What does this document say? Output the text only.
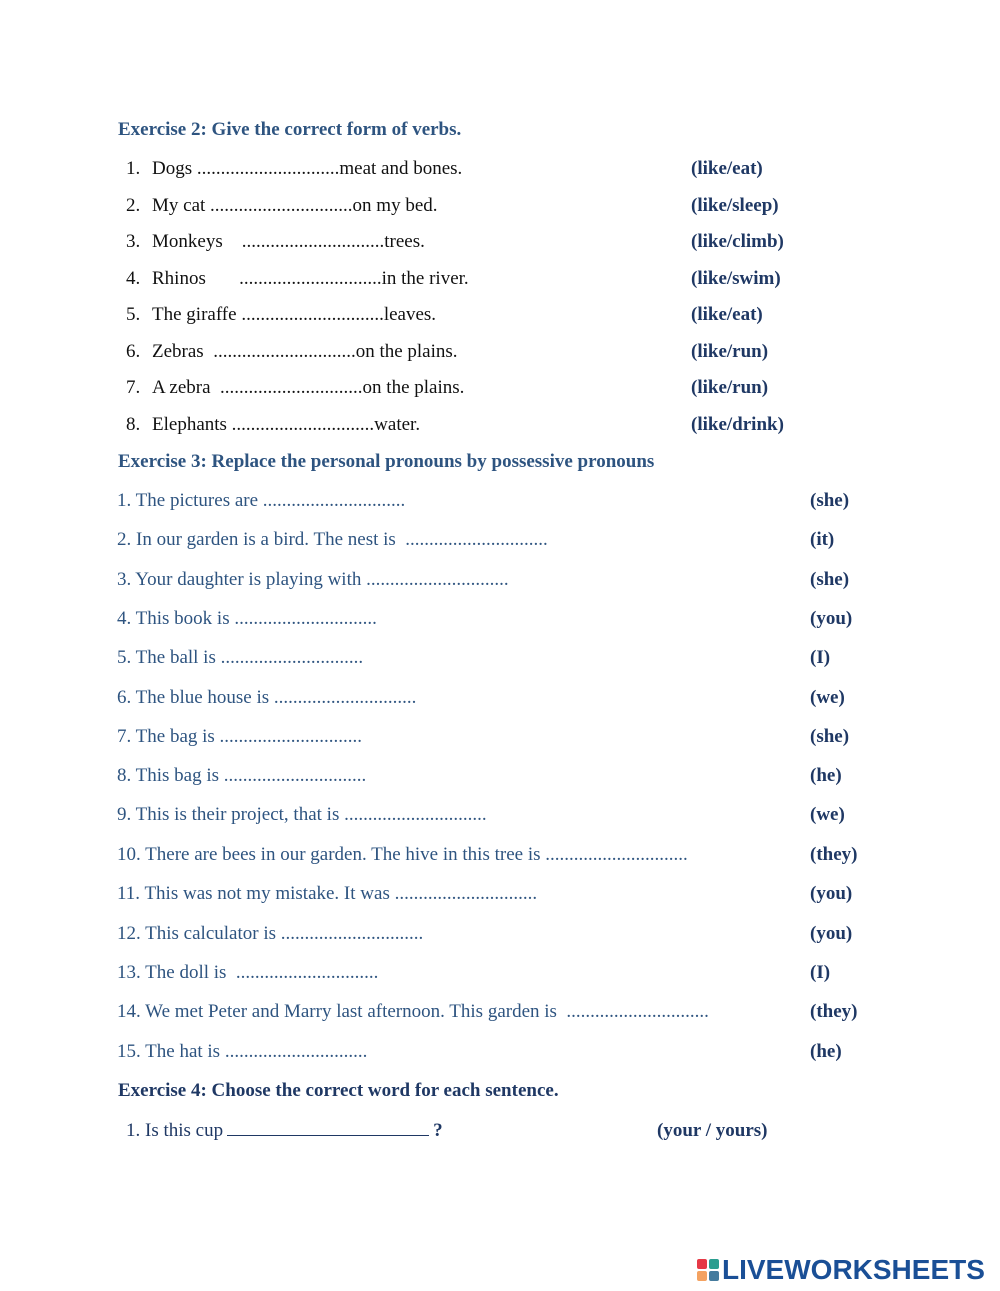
Exercise 2: Give the correct form of verbs.
1. Dogs ..............................meat and bones.	(like/eat)
2. My cat ..............................on my bed.	(like/sleep)
3. Monkeys    ..............................trees.	(like/climb)
4. Rhinos       ..............................in the river.	(like/swim)
5. The giraffe ..............................leaves.	(like/eat)
6. Zebras  ..............................on the plains.	(like/run)
7. A zebra  ..............................on the plains.	(like/run)
8. Elephants ..............................water.	(like/drink)
Exercise 3: Replace the personal pronouns by possessive pronouns
1. The pictures are ..............................	(she)
2. In our garden is a bird. The nest is  ..............................	(it)
3. Your daughter is playing with ..............................	(she)
4. This book is ..............................	(you)
5. The ball is ..............................	(I)
6. The blue house is ..............................	(we)
7. The bag is ..............................	(she)
8. This bag is ..............................	(he)
9. This is their project, that is ..............................	(we)
10. There are bees in our garden. The hive in this tree is ..............................	(they)
11. This was not my mistake. It was ..............................	(you)
12. This calculator is ..............................	(you)
13. The doll is  ..............................	(I)
14. We met Peter and Marry last afternoon. This garden is  ..............................	(they)
15. The hat is ..............................	(he)
Exercise 4: Choose the correct word for each sentence.
1. Is this cup	?	(your / yours)
LIVEWORKSHEETS
